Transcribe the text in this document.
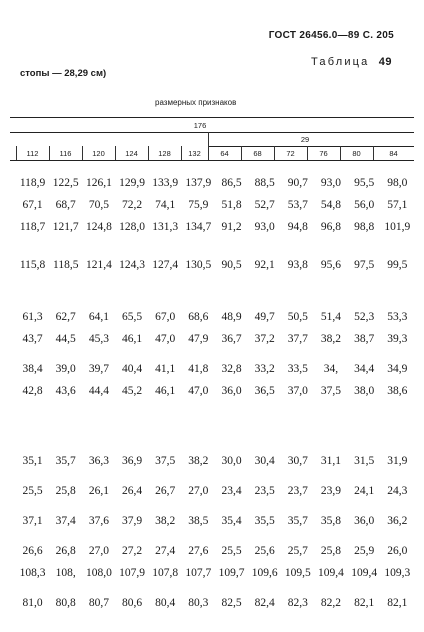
ГОСТ 26456.0—89 С. 205
Таблица 49
стопы — 28,29 см)
размерных признаков
176
29
112	116	120	124	128	132	64	68	72	76	80	84
118,9	122,5	126,1	129,9	133,9	137,9	86,5	88,5	90,7	93,0	95,5	98,0
67,1	68,7	70,5	72,2	74,1	75,9	51,8	52,7	53,7	54,8	56,0	57,1
118,7	121,7	124,8	128,0	131,3	134,7	91,2	93,0	94,8	96,8	98,8	101,9

115,8	118,5	121,4	124,3	127,4	130,5	90,5	92,1	93,8	95,6	97,5	99,5

61,3	62,7	64,1	65,5	67,0	68,6	48,9	49,7	50,5	51,4	52,3	53,3
43,7	44,5	45,3	46,1	47,0	47,9	36,7	37,2	37,7	38,2	38,7	39,3

38,4	39,0	39,7	40,4	41,1	41,8	32,8	33,2	33,5	34,	34,4	34,9
42,8	43,6	44,4	45,2	46,1	47,0	36,0	36,5	37,0	37,5	38,0	38,6

35,1	35,7	36,3	36,9	37,5	38,2	30,0	30,4	30,7	31,1	31,5	31,9

25,5	25,8	26,1	26,4	26,7	27,0	23,4	23,5	23,7	23,9	24,1	24,3

37,1	37,4	37,6	37,9	38,2	38,5	35,4	35,5	35,7	35,8	36,0	36,2

26,6	26,8	27,0	27,2	27,4	27,6	25,5	25,6	25,7	25,8	25,9	26,0
108,3	108,	108,0	107,9	107,8	107,7	109,7	109,6	109,5	109,4	109,4	109,3

81,0	80,8	80,7	80,6	80,4	80,3	82,5	82,4	82,3	82,2	82,1	82,1
